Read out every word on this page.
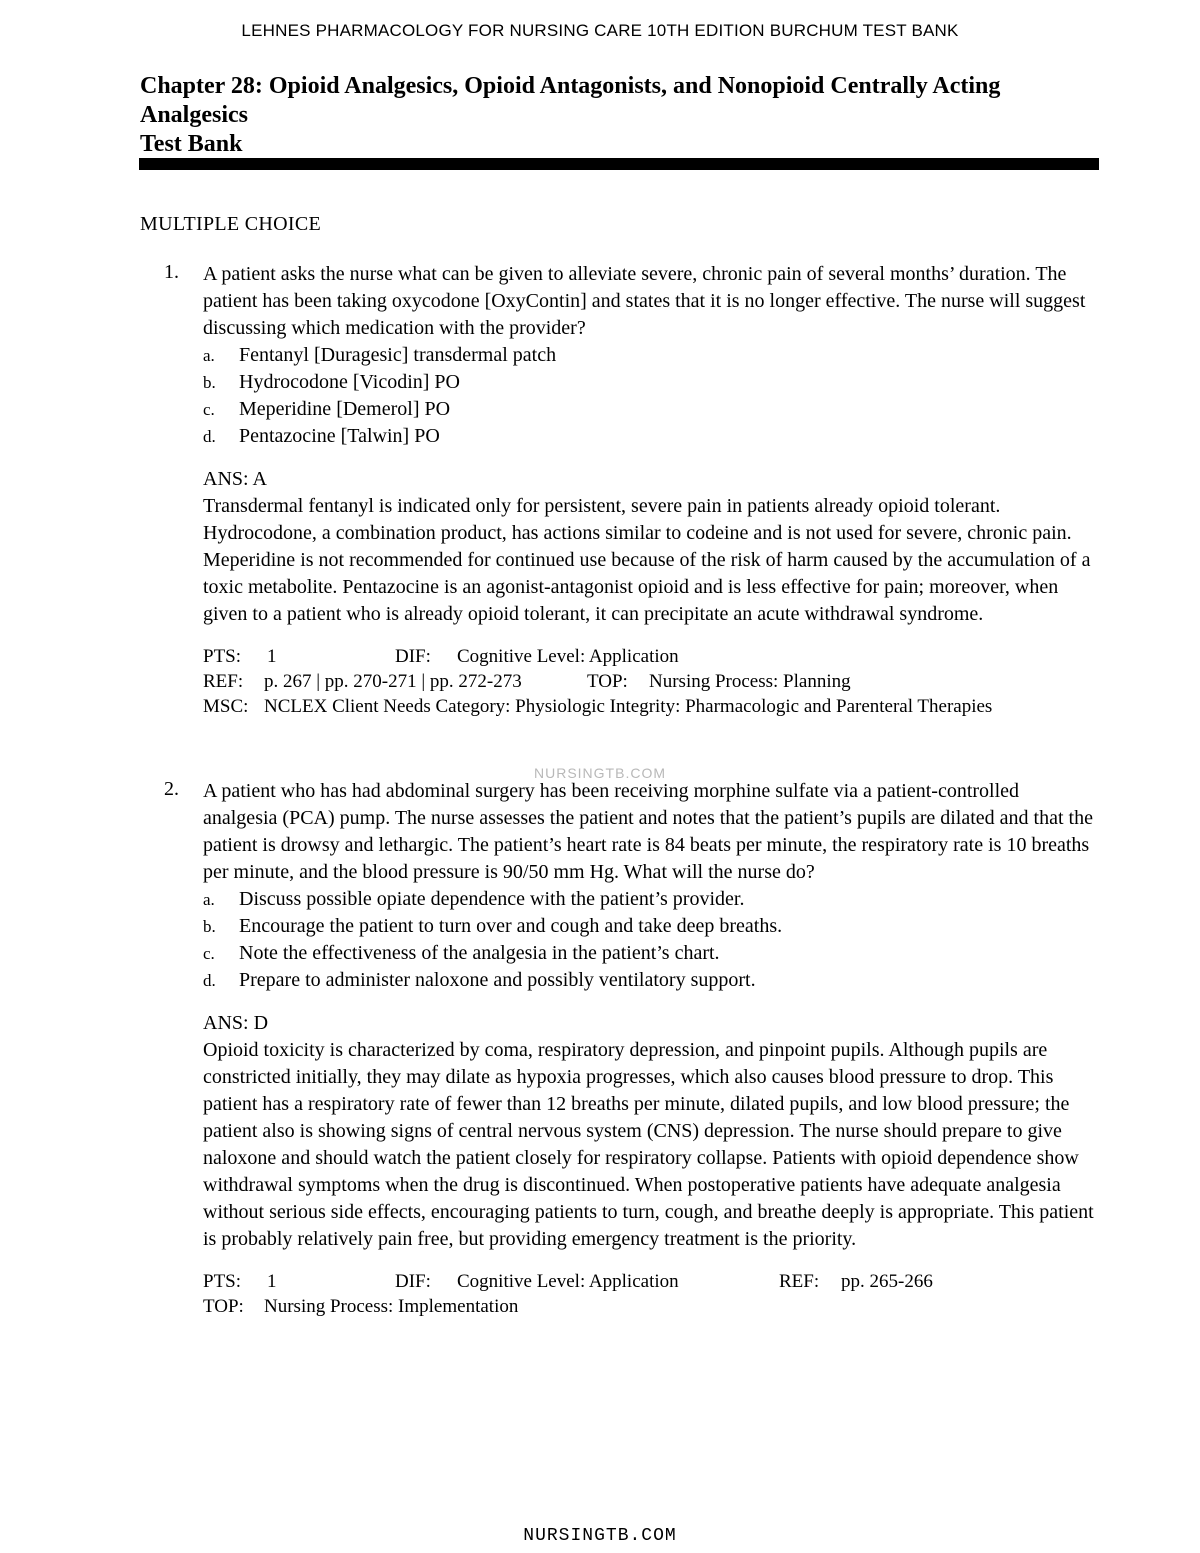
LEHNES PHARMACOLOGY FOR NURSING CARE 10TH EDITION BURCHUM TEST BANK
Chapter 28: Opioid Analgesics, Opioid Antagonists, and Nonopioid Centrally Acting
Analgesics
Test Bank
MULTIPLE CHOICE
1.	A patient asks the nurse what can be given to alleviate severe, chronic pain of several months’ duration. The patient has been taking oxycodone [OxyContin] and states that it is no longer effective. The nurse will suggest discussing which medication with the provider?

a. Fentanyl [Duragesic] transdermal patch
b. Hydrocodone [Vicodin] PO
c. Meperidine [Demerol] PO
d. Pentazocine [Talwin] PO
ANS: A

Transdermal fentanyl is indicated only for persistent, severe pain in patients already opioid tolerant. Hydrocodone, a combination product, has actions similar to codeine and is not used for severe, chronic pain. Meperidine is not recommended for continued use because of the risk of harm caused by the accumulation of a toxic metabolite. Pentazocine is an agonist-antagonist opioid and is less effective for pain; moreover, when given to a patient who is already opioid tolerant, it can precipitate an acute withdrawal syndrome.

PTS: 1	DIF: Cognitive Level: Application
REF: p. 267 | pp. 270-271 | pp. 272-273	TOP: Nursing Process: Planning
MSC: NCLEX Client Needs Category: Physiologic Integrity: Pharmacologic and Parenteral Therapies
NURSINGTB.COM
2.	A patient who has had abdominal surgery has been receiving morphine sulfate via a patient-controlled analgesia (PCA) pump. The nurse assesses the patient and notes that the patient’s pupils are dilated and that the patient is drowsy and lethargic. The patient’s heart rate is 84 beats per minute, the respiratory rate is 10 breaths per minute, and the blood pressure is 90/50 mm Hg. What will the nurse do?

a. Discuss possible opiate dependence with the patient’s provider.
b. Encourage the patient to turn over and cough and take deep breaths.
c. Note the effectiveness of the analgesia in the patient’s chart.
d. Prepare to administer naloxone and possibly ventilatory support.
ANS: D

Opioid toxicity is characterized by coma, respiratory depression, and pinpoint pupils. Although pupils are constricted initially, they may dilate as hypoxia progresses, which also causes blood pressure to drop. This patient has a respiratory rate of fewer than 12 breaths per minute, dilated pupils, and low blood pressure; the patient also is showing signs of central nervous system (CNS) depression. The nurse should prepare to give naloxone and should watch the patient closely for respiratory collapse. Patients with opioid dependence show withdrawal symptoms when the drug is discontinued. When postoperative patients have adequate analgesia without serious side effects, encouraging patients to turn, cough, and breathe deeply is appropriate. This patient is probably relatively pain free, but providing emergency treatment is the priority.

PTS: 1	DIF: Cognitive Level: Application	REF: pp. 265-266
TOP: Nursing Process: Implementation
NURSINGTB.COM
